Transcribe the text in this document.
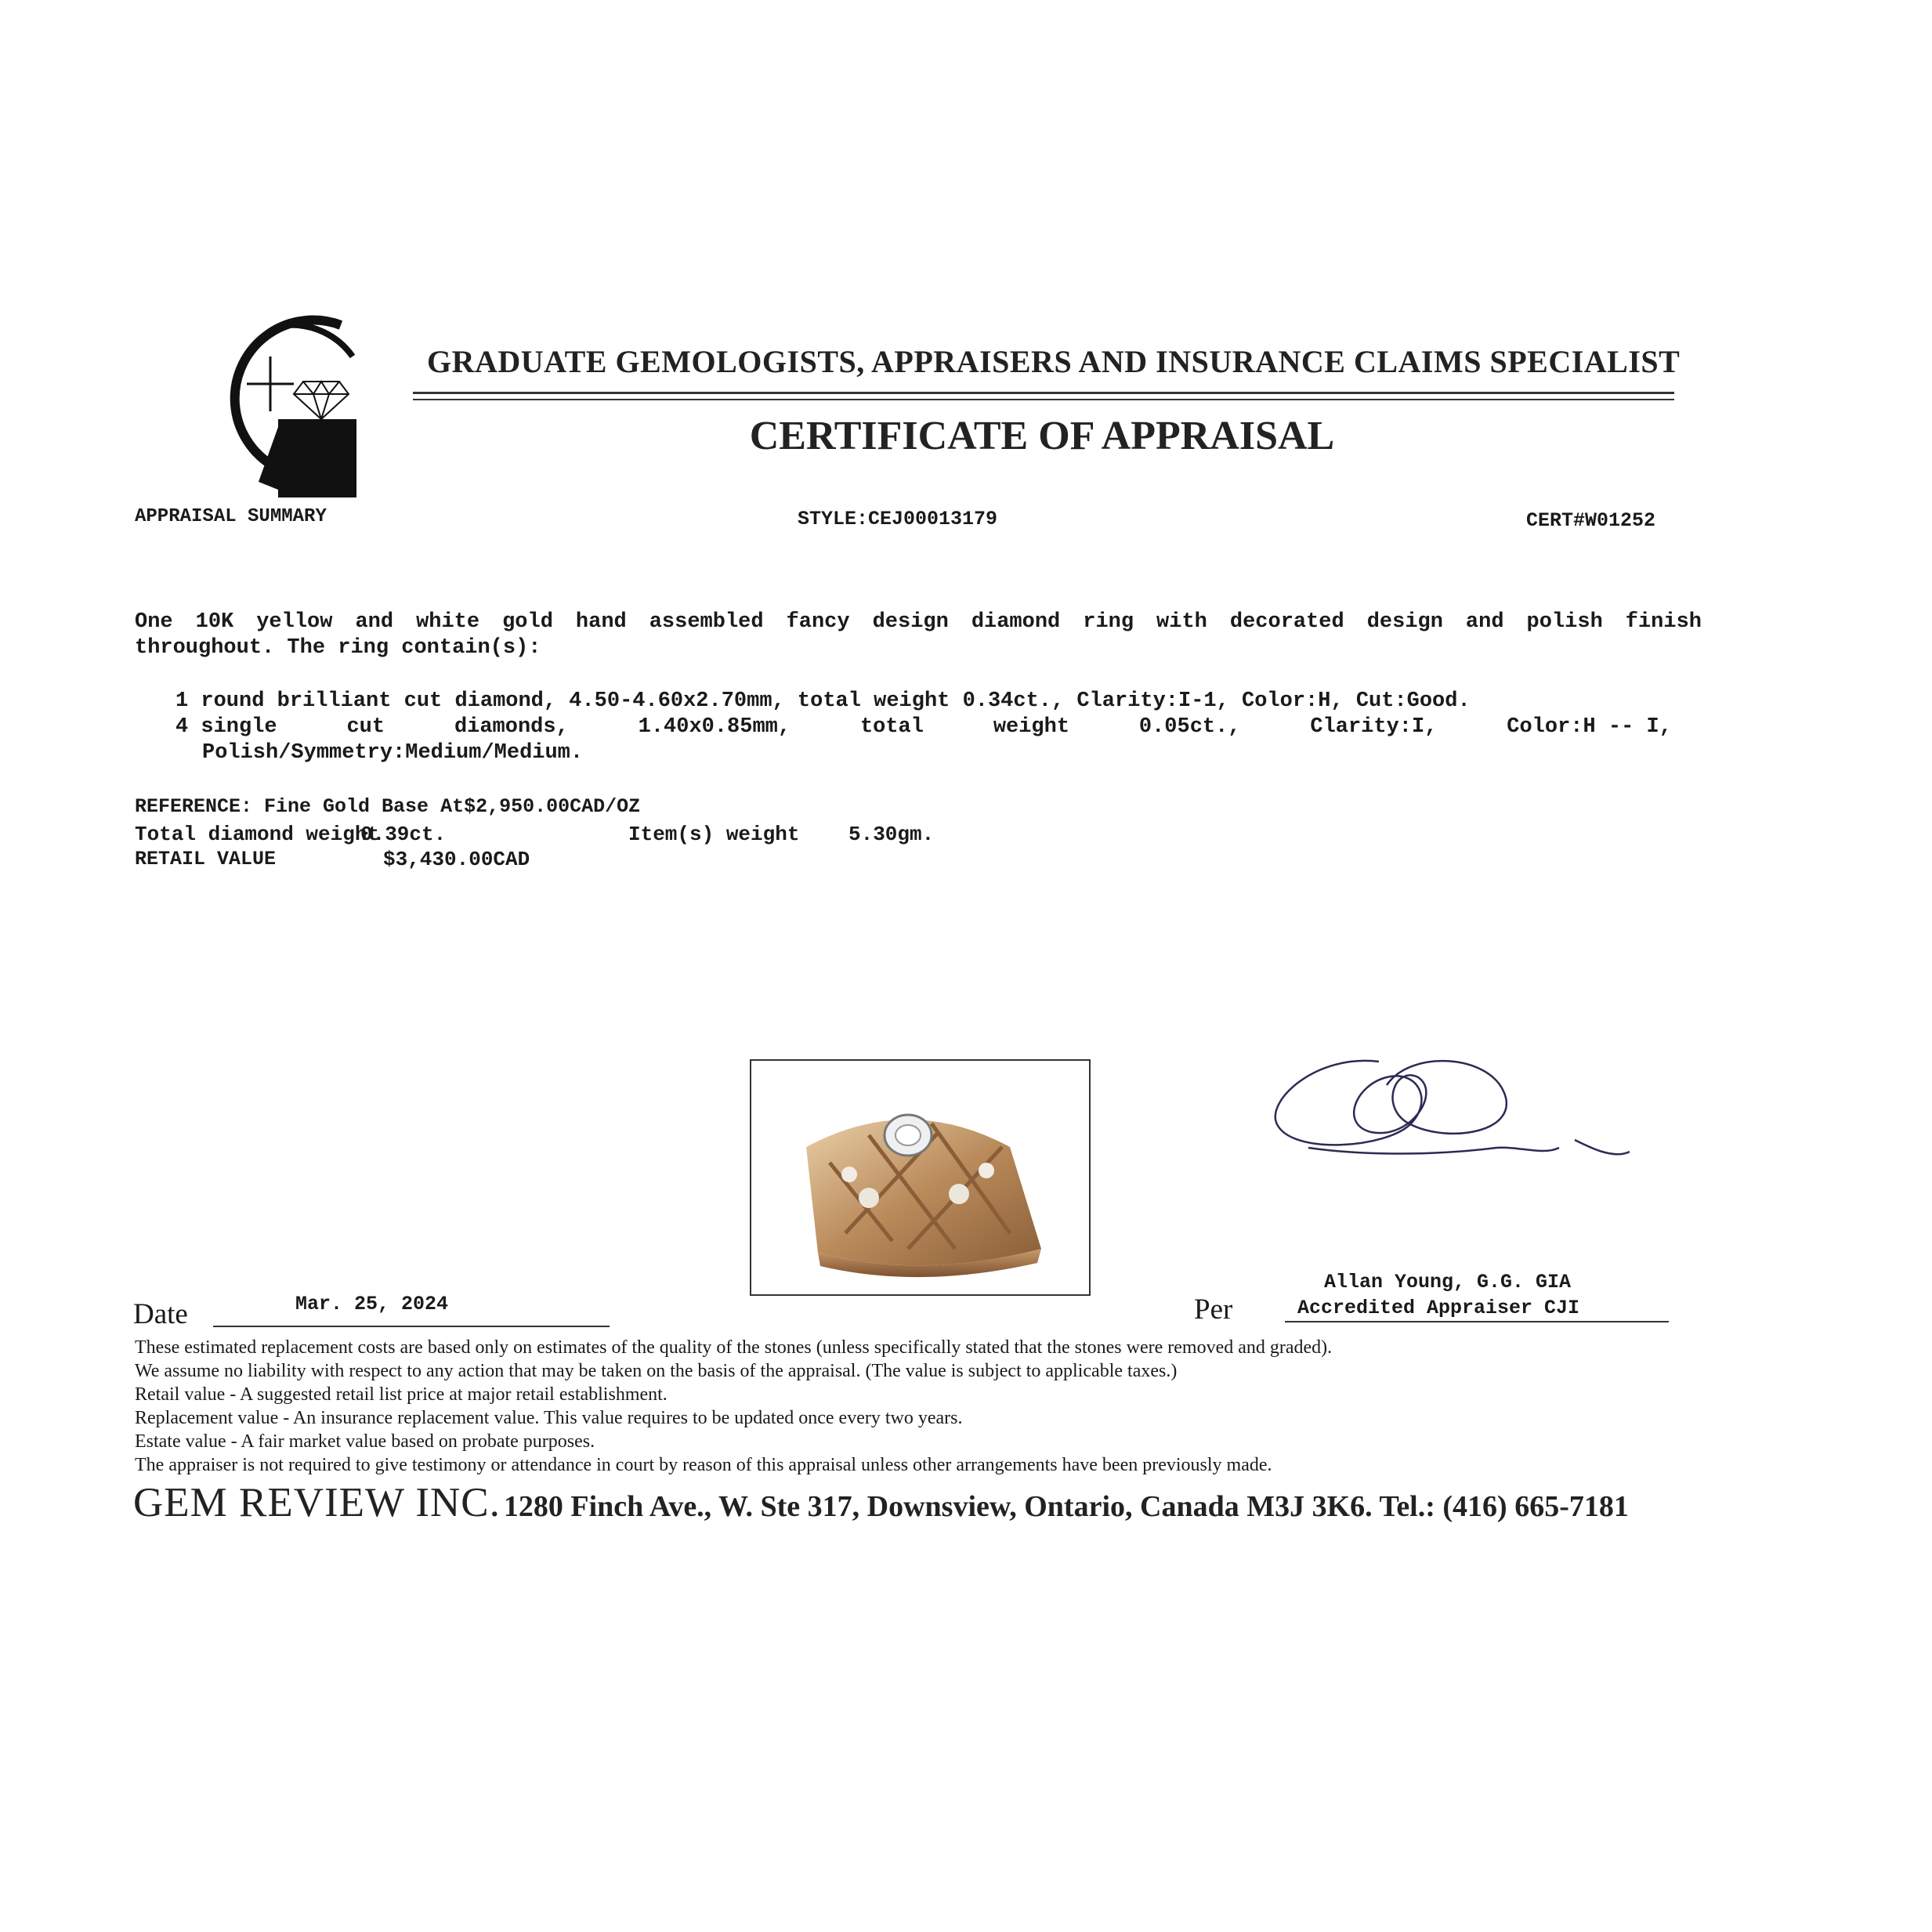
GRADUATE GEMOLOGISTS, APPRAISERS AND INSURANCE CLAIMS SPECIALIST
CERTIFICATE OF APPRAISAL
APPRAISAL SUMMARY	STYLE:CEJ00013179	CERT#W01252
One 10K yellow and white gold hand assembled fancy design diamond ring with decorated design and polish finish
throughout. The ring contain(s):
1 round brilliant cut diamond, 4.50-4.60x2.70mm, total weight 0.34ct., Clarity:I-1, Color:H, Cut:Good.
4 single	cut	diamonds,	1.40x0.85mm,	total	weight	0.05ct.,	Clarity:I,	Color:H -- I,
Polish/Symmetry:Medium/Medium.
REFERENCE: Fine Gold Base At$2,950.00CAD/OZ
Total diamond weight
0.39ct.	Item(s) weight 5.30gm.
RETAIL VALUE	$3,430.00CAD
Allan Young, G.G. GIA
Accredited Appraiser CJI
Per
Date	Mar. 25, 2024
These estimated replacement costs are based only on estimates of the quality of the stones (unless specifically stated that the stones were removed and graded).
We assume no liability with respect to any action that may be taken on the basis of the appraisal. (The value is subject to applicable taxes.)
Retail value - A suggested retail list price at major retail establishment.
Replacement value - An insurance replacement value. This value requires to be updated once every two years.
Estate value - A fair market value based on probate purposes.
The appraiser is not required to give testimony or attendance in court by reason of this appraisal unless other arrangements have been previously made.
GEM REVIEW INC. 1280 Finch Ave., W. Ste 317, Downsview, Ontario, Canada M3J 3K6. Tel.: (416) 665-7181
